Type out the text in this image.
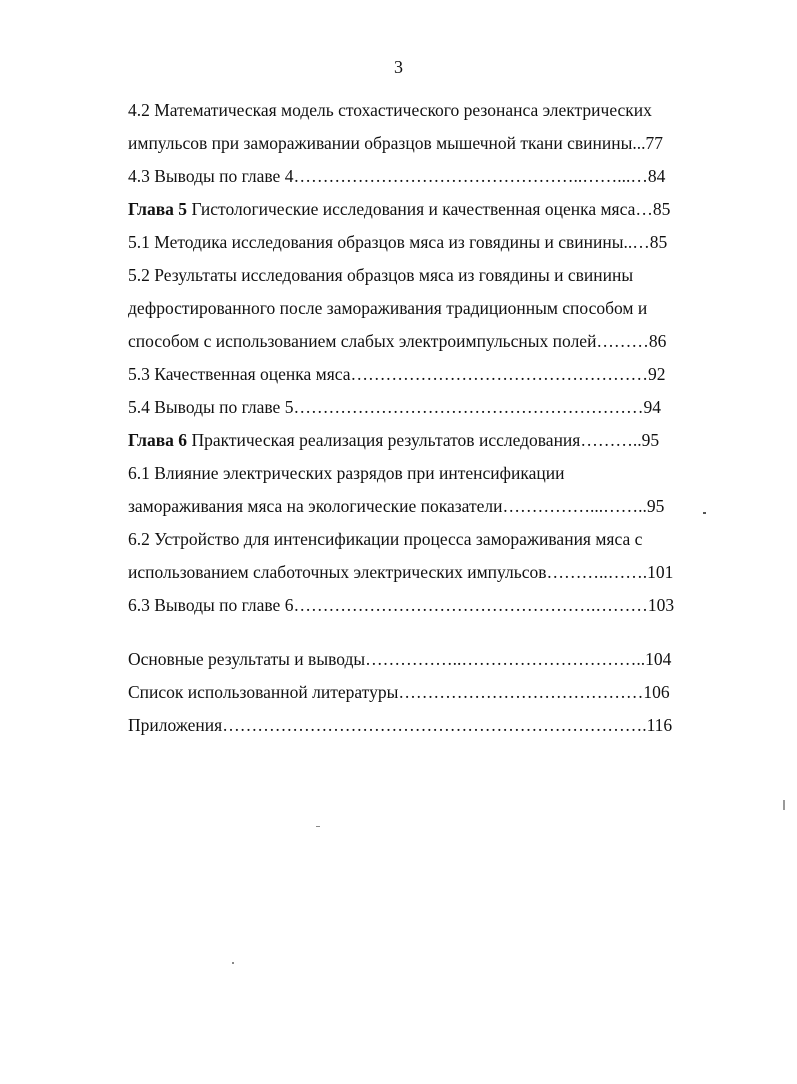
3
4.2 Математическая модель стохастического резонанса электрических
импульсов при замораживании образцов мышечной ткани свинины...77
4.3 Выводы по главе 4…………………………………………..……...…84
Глава 5 Гистологические исследования и качественная оценка мяса…85
5.1 Методика исследования образцов мяса из говядины и свинины..…85
5.2 Результаты исследования образцов мяса из говядины и свинины
дефростированного после замораживания традиционным способом и
способом с использованием слабых электроимпульсных полей………86
5.3 Качественная оценка мяса……………………………………………92
5.4 Выводы по главе 5……………………………………………………94
Глава 6 Практическая реализация результатов исследования………..95
6.1 Влияние электрических разрядов при интенсификации
замораживания мяса на экологические показатели……………...……..95
6.2 Устройство для интенсификации процесса замораживания мяса с
использованием слаботочных электрических импульсов………..…….101
6.3 Выводы по главе 6…………………………………………….………103
Основные результаты и выводы……………..…………………………..104
Список использованной литературы……………………………………106
Приложения……………………………………………………………….116
